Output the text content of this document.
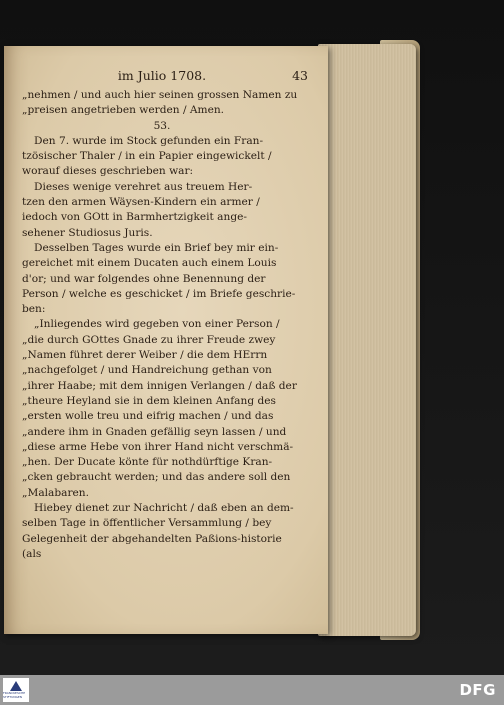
im Julio 1708.	43
„nehmen / und auch hier seinen grossen Namen zu
„preisen angetrieben werden / Amen.
53.
Den 7. wurde im Stock gefunden ein Fran-
tzösischer Thaler / in ein Papier eingewickelt /
worauf dieses geschrieben war:
Dieses wenige verehret aus treuem Her-
tzen den armen Wäysen-Kindern ein armer /
iedoch von GOtt in Barmhertzigkeit ange-
sehener Studiosus Juris.
Desselben Tages wurde ein Brief bey mir ein-
gereichet mit einem Ducaten auch einem Louis
d'or; und war folgendes ohne Benennung der
Person / welche es geschicket / im Briefe geschrie-
ben:
„Inliegendes wird gegeben von einer Person /
„die durch GOttes Gnade zu ihrer Freude zwey
„Namen führet derer Weiber / die dem HErrn
„nachgefolget / und Handreichung gethan von
„ihrer Haabe; mit dem innigen Verlangen / daß der
„theure Heyland sie in dem kleinen Anfang des
„ersten wolle treu und eifrig machen / und das
„andere ihm in Gnaden gefällig seyn lassen / und
„diese arme Hebe von ihrer Hand nicht verschmä-
„hen. Der Ducate könte für nothdürftige Kran-
„cken gebraucht werden; und das andere soll den
„Malabaren.
Hiebey dienet zur Nachricht / daß eben an dem-
selben Tage in öffentlicher Versammlung / bey
Gelegenheit der abgehandelten Paßions-historie
(als
FRANCKESCHE STIFTUNGEN	DFG
